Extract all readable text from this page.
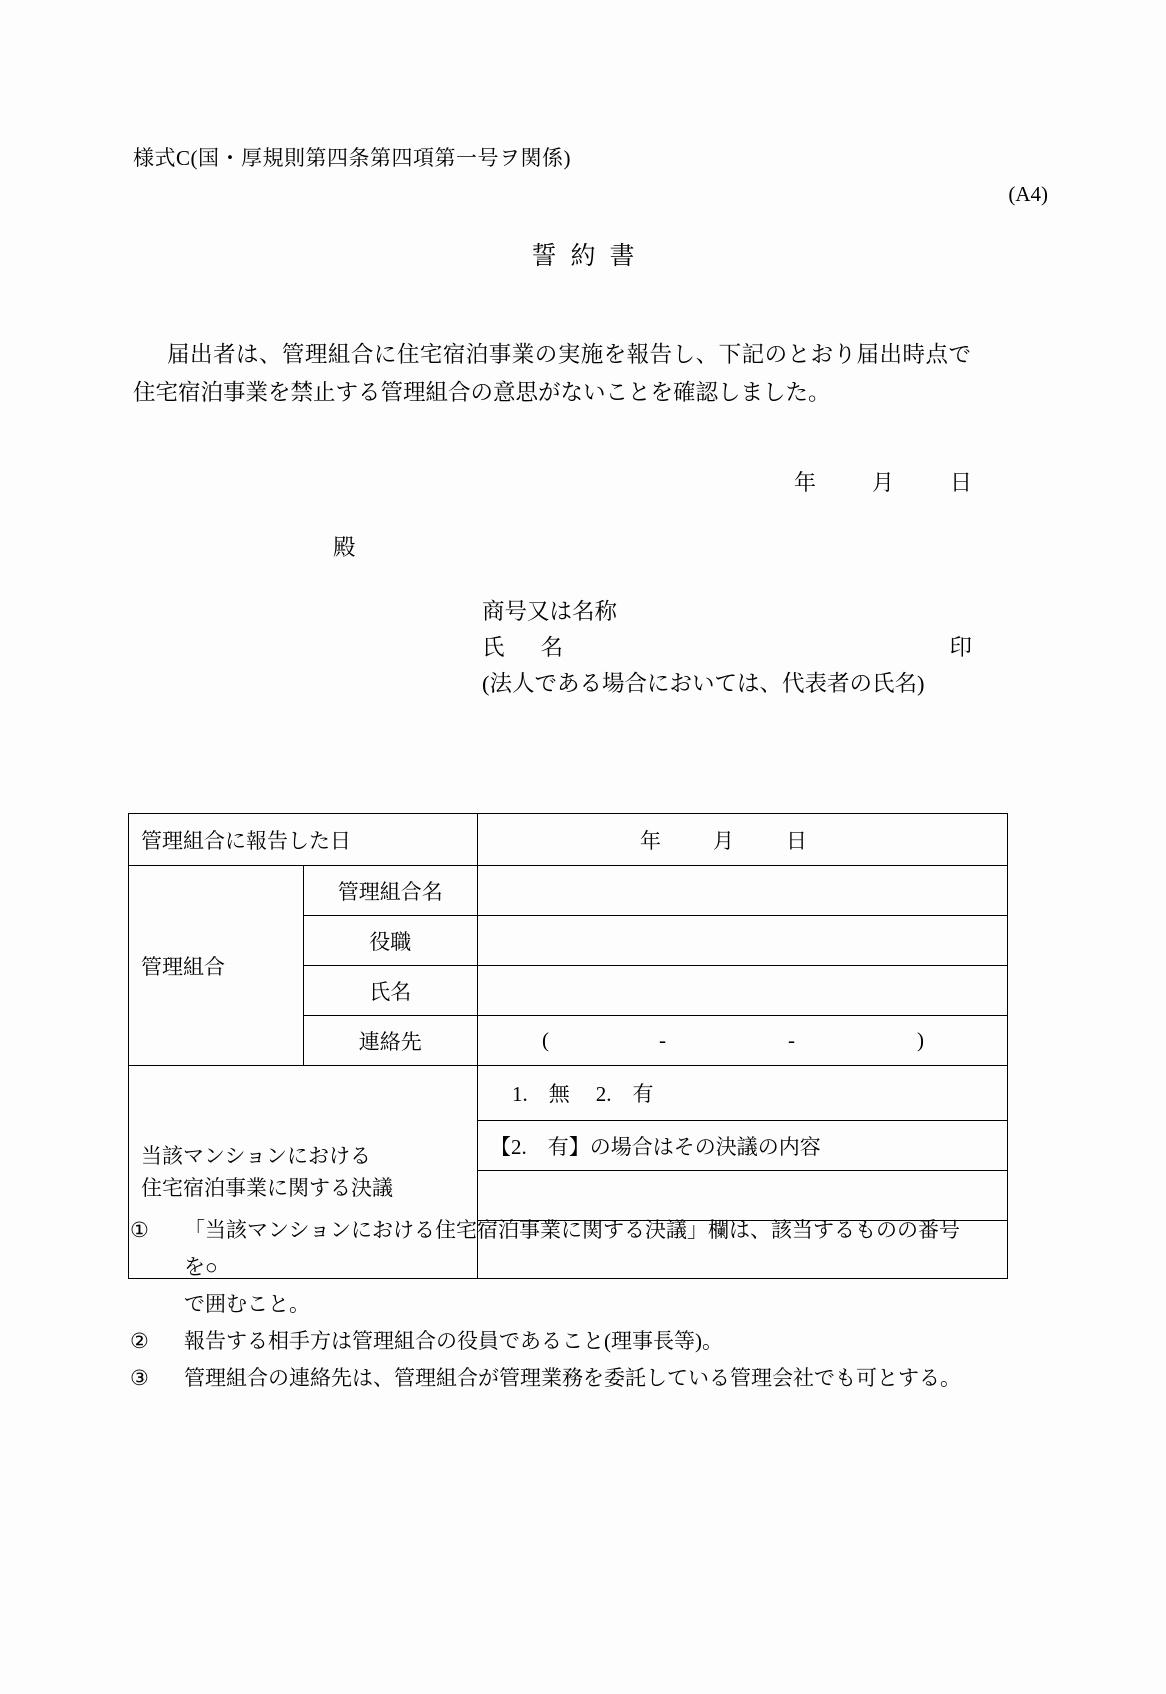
様式C(国・厚規則第四条第四項第一号ヲ関係)
(A4)
誓約書
届出者は、管理組合に住宅宿泊事業の実施を報告し、下記のとおり届出時点で住宅宿泊事業を禁止する管理組合の意思がないことを確認しました。
年	月	日
殿
商号又は名称
氏名	印
(法人である場合においては、代表者の氏名)
管理組合に報告した日		年 月 日

管理組合	管理組合名	
	役職	
	氏名	
	連絡先	( - - )

当該マンションにおける
住宅宿泊事業に関する決議		1.　無 2.　有
		【2.　有】の場合はその決議の内容

① 「当該マンションにおける住宅宿泊事業に関する決議」欄は、該当するものの番号を○
で囲むこと。
② 報告する相手方は管理組合の役員であること(理事長等)。
③ 管理組合の連絡先は、管理組合が管理業務を委託している管理会社でも可とする。
